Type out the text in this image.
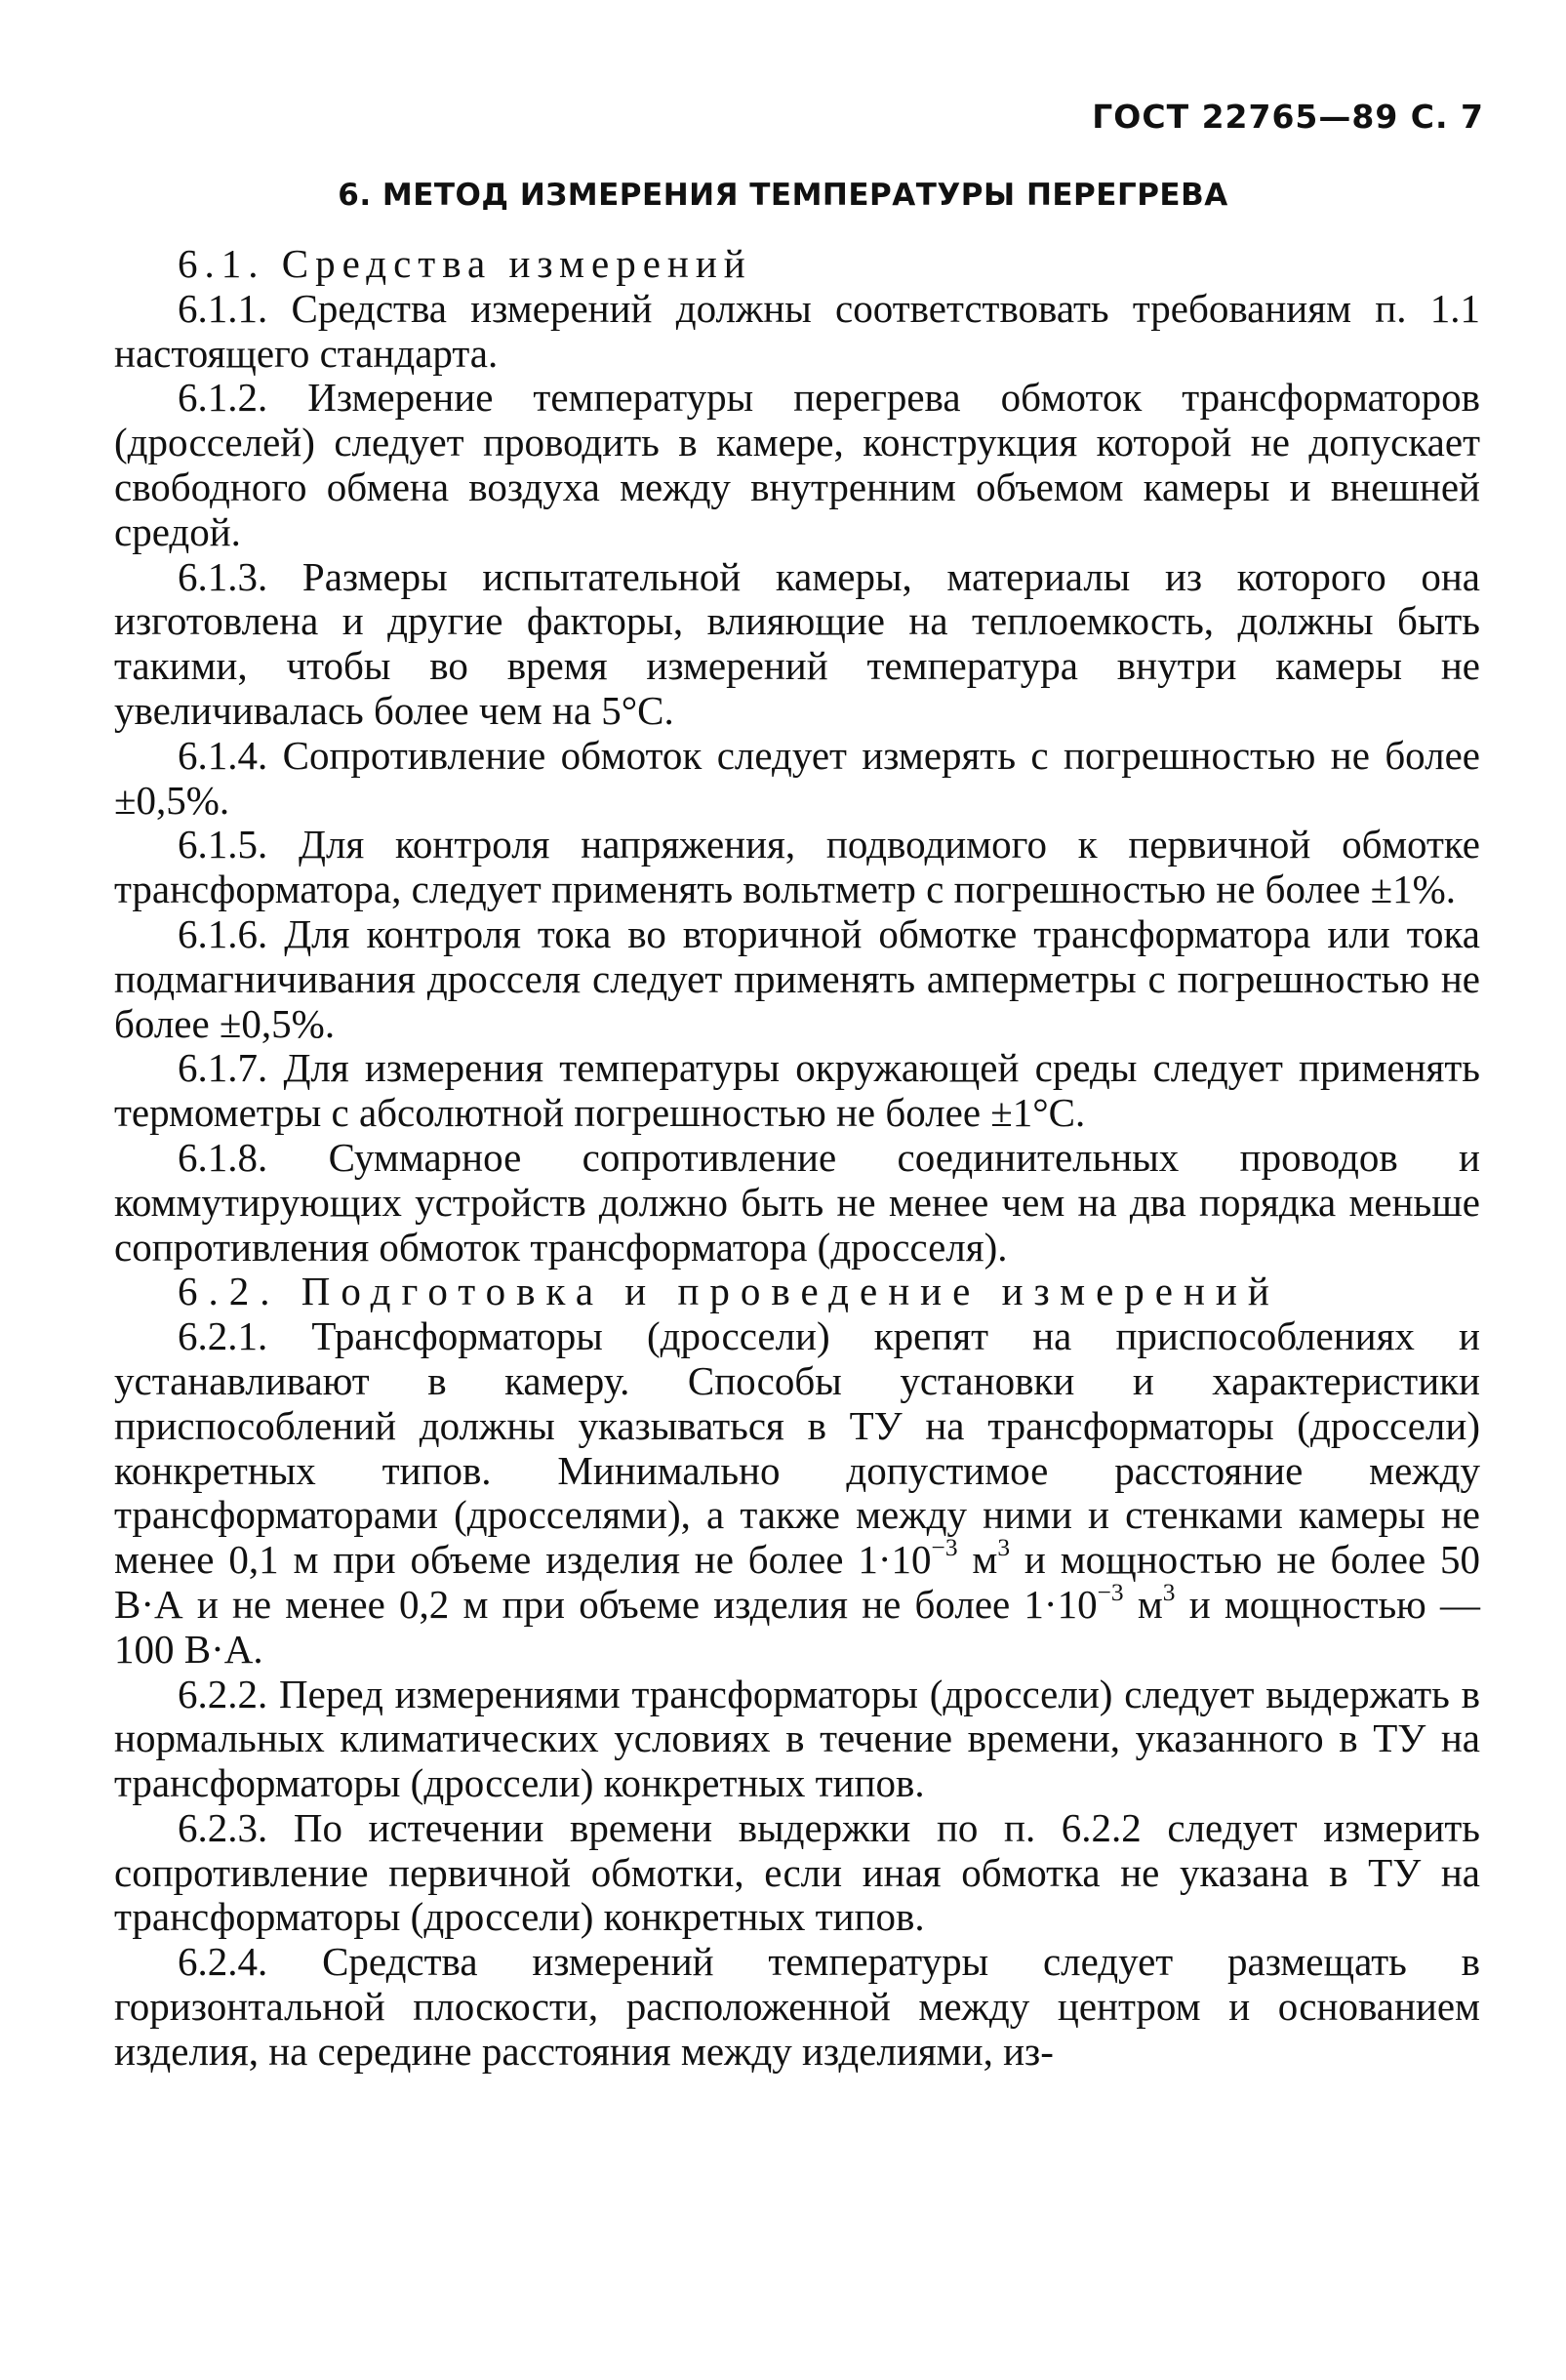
ГОСТ 22765—89 С. 7
6. МЕТОД ИЗМЕРЕНИЯ ТЕМПЕРАТУРЫ ПЕРЕГРЕВА

6.1. Средства измерений

6.1.1. Средства измерений должны соответствовать требованиям п. 1.1 настоящего стандарта.

6.1.2. Измерение температуры перегрева обмоток трансформаторов (дросселей) следует проводить в камере, конструкция которой не допускает свободного обмена воздуха между внутренним объемом камеры и внешней средой.

6.1.3. Размеры испытательной камеры, материалы из которого она изготовлена и другие факторы, влияющие на теплоемкость, должны быть такими, чтобы во время измерений температура внутри камеры не увеличивалась более чем на 5°С.

6.1.4. Сопротивление обмоток следует измерять с погрешностью не более ±0,5%.

6.1.5. Для контроля напряжения, подводимого к первичной обмотке трансформатора, следует применять вольтметр с погрешностью не более ±1%.

6.1.6. Для контроля тока во вторичной обмотке трансформатора или тока подмагничивания дросселя следует применять амперметры с погрешностью не более ±0,5%.

6.1.7. Для измерения температуры окружающей среды следует применять термометры с абсолютной погрешностью не более ±1°С.

6.1.8. Суммарное сопротивление соединительных проводов и коммутирующих устройств должно быть не менее чем на два порядка меньше сопротивления обмоток трансформатора (дросселя).

6.2. Подготовка и проведение измерений

6.2.1. Трансформаторы (дроссели) крепят на приспособлениях и устанавливают в камеру. Способы установки и характеристики приспособлений должны указываться в ТУ на трансформаторы (дроссели) конкретных типов. Минимально допустимое расстояние между трансформаторами (дросселями), а также между ними и стенками камеры не менее 0,1 м при объеме изделия не более $1\cdot 10^{-3}$ $м^3$ и мощностью не более 50 В·А и не менее 0,2 м при объеме изделия не более $1\cdot 10^{-3}$ $м^3$ и мощностью — 100 В·А.

6.2.2. Перед измерениями трансформаторы (дроссели) следует выдержать в нормальных климатических условиях в течение времени, указанного в ТУ на трансформаторы (дроссели) конкретных типов.

6.2.3. По истечении времени выдержки по п. 6.2.2 следует измерить сопротивление первичной обмотки, если иная обмотка не указана в ТУ на трансформаторы (дроссели) конкретных типов.

6.2.4. Средства измерений температуры следует размещать в горизонтальной плоскости, расположенной между центром и основанием изделия, на середине расстояния между изделиями, из-
